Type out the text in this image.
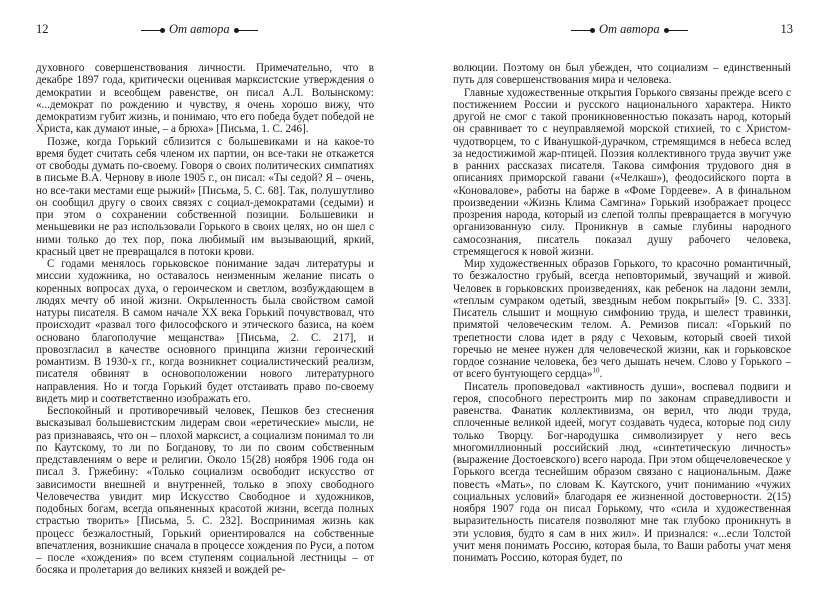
12	От автора

духовного совершенствования личности. Примечательно, что в декабре 1897 года, критически оценивая марксистские утверждения о демократии и всеобщем равенстве, он писал А.Л. Волынскому: «...демократ по рождению и чувству, я очень хорошо вижу, что демократизм губит жизнь, и понимаю, что его победа будет победой не Христа, как думают иные, – а брюха» [Письма, 1. С. 246].

Позже, когда Горький сблизится с большевиками и на какое-то время будет считать себя членом их партии, он все-таки не откажется от свободы думать по-своему. Говоря о своих политических симпатиях в письме В.А. Чернову в июле 1905 г., он писал: «Ты седой? Я – очень, но все-таки местами еще рыжий» [Письма, 5. С. 68]. Так, полушутливо он сообщил другу о своих связях с социал-демократами (седыми) и при этом о сохранении собственной позиции. Большевики и меньшевики не раз использовали Горького в своих целях, но он шел с ними только до тех пор, пока любимый им вызывающий, яркий, красный цвет не превращался в потоки крови.

С годами менялось горьковское понимание задач литературы и миссии художника, но оставалось неизменным желание писать о коренных вопросах духа, о героическом и светлом, возбуждающем в людях мечту об иной жизни. Окрыленность была свойством самой натуры писателя. В самом начале XX века Горький почувствовал, что происходит «развал того философского и этического базиса, на коем основано благополучие мещанства» [Письма, 2. С. 217], и провозгласил в качестве основного принципа жизни героический романтизм. В 1930-х гг., когда возникнет социалистический реализм, писателя обвинят в основоположении нового литературного направления. Но и тогда Горький будет отстаивать право по-своему видеть мир и соответственно изображать его.

Беспокойный и противоречивый человек, Пешков без стеснения высказывал большевистским лидерам свои «еретические» мысли, не раз признаваясь, что он – плохой марксист, а социализм понимал то ли по Каутскому, то ли по Богданову, то ли по своим собственным представлениям о вере и религии. Около 15(28) ноября 1906 года он писал З. Гржебину: «Только социализм освободит искусство от зависимости внешней и внутренней, только в эпоху свободного Человечества увидит мир Искусство Свободное и художников, подобных богам, всегда опьяненных красотой жизни, всегда полных страстью творить» [Письма, 5. С. 232]. Воспринимая жизнь как процесс безжалостный, Горький ориентировался на собственные впечатления, возникшие сначала в процессе хождения по Руси, а потом – после «хождения» по всем ступеням социальной лестницы – от босяка и пролетария до великих князей и вождей ре-

От автора	13

волюции. Поэтому он был убежден, что социализм – единственный путь для совершенствования мира и человека.

Главные художественные открытия Горького связаны прежде всего с постижением России и русского национального характера. Никто другой не смог с такой проникновенностью показать народ, который он сравнивает то с неуправляемой морской стихией, то с Христом-чудотворцем, то с Иванушкой-дурачком, стремящимся в небеса вслед за недостижимой жар-птицей. Поэзия коллективного труда звучит уже в ранних рассказах писателя. Такова симфония трудового дня в описаниях приморской гавани («Челкаш»), феодосийского порта в «Коновалове», работы на барже в «Фоме Гордееве». А в финальном произведении «Жизнь Клима Самгина» Горький изображает процесс прозрения народа, который из слепой толпы превращается в могучую организованную силу. Проникнув в самые глубины народного самосознания, писатель показал душу рабочего человека, стремящегося к новой жизни.

Мир художественных образов Горького, то красочно романтичный, то безжалостно грубый, всегда неповторимый, звучащий и живой. Человек в горьковских произведениях, как ребенок на ладони земли, «теплым сумраком одетый, звездным небом покрытый» [9. С. 333]. Писатель слышит и мощную симфонию труда, и шелест травинки, примятой человеческим телом. А. Ремизов писал: «Горький по трепетности слова идет в ряду с Чеховым, который своей тихой горечью не менее нужен для человеческой жизни, как и горьковское гордое сознание человека, без чего дышать нечем. Слово у Горького – от всего бунтующего сердца»$^{10}$.

Писатель проповедовал «активность души», воспевал подвиги и героя, способного перестроить мир по законам справедливости и равенства. Фанатик коллективизма, он верил, что люди труда, сплоченные великой идеей, могут создавать чудеса, которые под силу только Творцу. Бог-народушка символизирует у него весь многомиллионный российский люд, «синтетическую личность» (выражение Достоевского) всего народа. При этом общечеловеческое у Горького всегда теснейшим образом связано с национальным. Даже повесть «Мать», по словам К. Каутского, учит пониманию «чужих социальных условий» благодаря ее жизненной достоверности. 2(15) ноября 1907 года он писал Горькому, что «сила и художественная выразительность писателя позволяют мне так глубоко проникнуть в эти условия, будто я сам в них жил». И признался: «...если Толстой учит меня понимать Россию, которая была, то Ваши работы учат меня понимать Россию, которая будет, по
